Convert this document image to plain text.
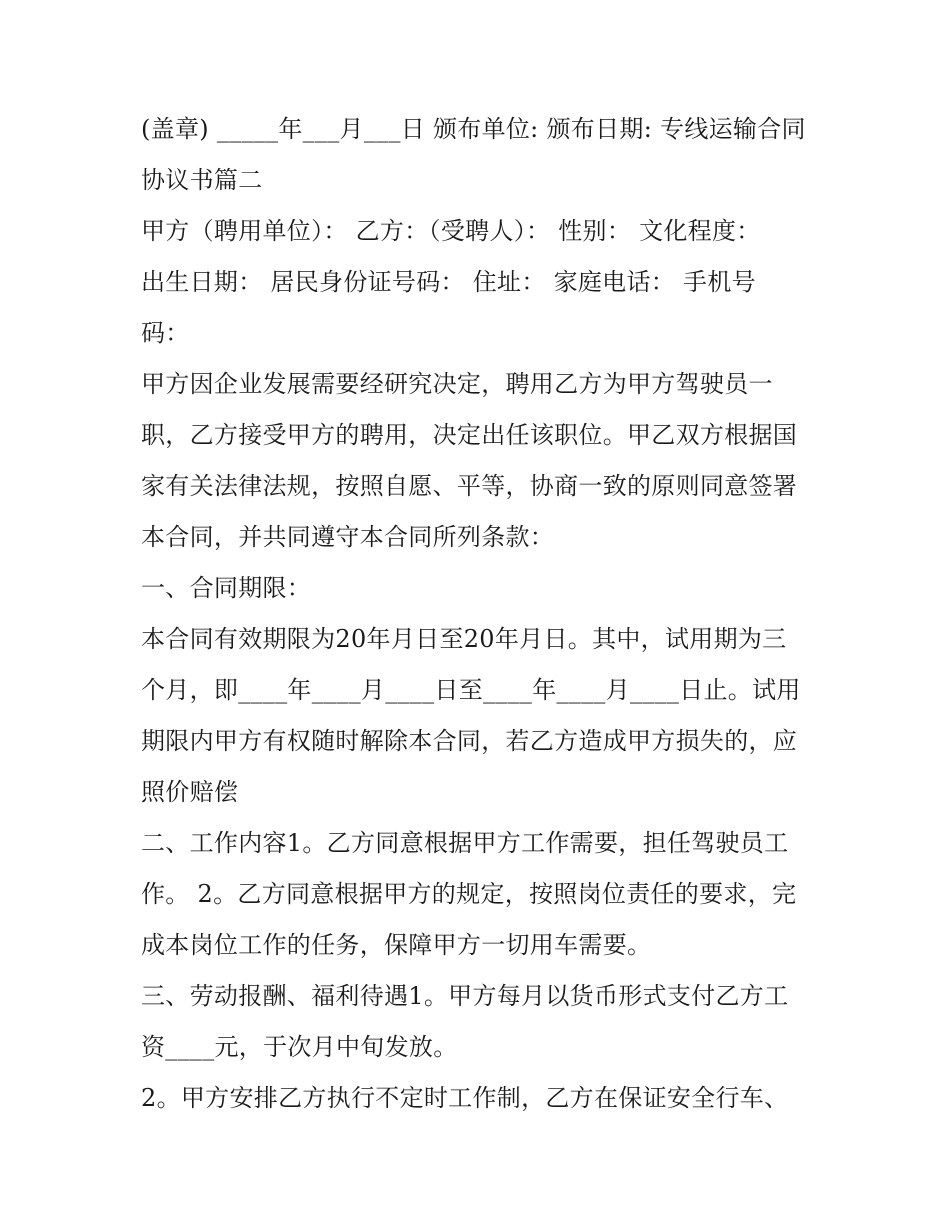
(盖章) _____年___月___日 颁布单位: 颁布日期: 专线运输合同
协议书篇二
甲方（聘用单位）： 乙方：（受聘人）： 性别： 文化程度：
出生日期： 居民身份证号码： 住址： 家庭电话： 手机号
码：
甲方因企业发展需要经研究决定，聘用乙方为甲方驾驶员一
职，乙方接受甲方的聘用，决定出任该职位。甲乙双方根据国
家有关法律法规，按照自愿、平等，协商一致的原则同意签署
本合同，并共同遵守本合同所列条款：
一、合同期限：
本合同有效期限为20年月日至20年月日。其中，试用期为三
个月，即____年____月____日至____年____月____日止。试用
期限内甲方有权随时解除本合同，若乙方造成甲方损失的，应
照价赔偿
二、工作内容1。乙方同意根据甲方工作需要，担任驾驶员工
作。 2。乙方同意根据甲方的规定，按照岗位责任的要求，完
成本岗位工作的任务，保障甲方一切用车需要。
三、劳动报酬、福利待遇1。甲方每月以货币形式支付乙方工
资____元，于次月中旬发放。
2。甲方安排乙方执行不定时工作制，乙方在保证安全行车、
